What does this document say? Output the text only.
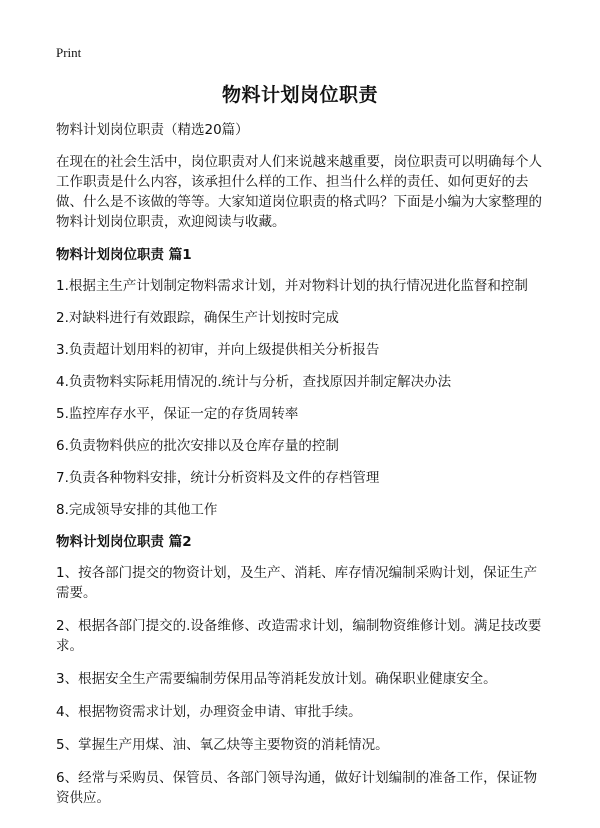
Print
物料计划岗位职责

物料计划岗位职责（精选20篇）

在现在的社会生活中，岗位职责对人们来说越来越重要，岗位职责可以明确每个人工作职责是什么内容，该承担什么样的工作、担当什么样的责任、如何更好的去做、什么是不该做的等等。大家知道岗位职责的格式吗？下面是小编为大家整理的物料计划岗位职责，欢迎阅读与收藏。

物料计划岗位职责 篇1

1.根据主生产计划制定物料需求计划，并对物料计划的执行情况进化监督和控制

2.对缺料进行有效跟踪，确保生产计划按时完成

3.负责超计划用料的初审，并向上级提供相关分析报告

4.负责物料实际耗用情况的.统计与分析，查找原因并制定解决办法

5.监控库存水平，保证一定的存货周转率

6.负责物料供应的批次安排以及仓库存量的控制

7.负责各种物料安排，统计分析资料及文件的存档管理

8.完成领导安排的其他工作

物料计划岗位职责 篇2

1、按各部门提交的物资计划，及生产、消耗、库存情况编制采购计划，保证生产需要。

2、根据各部门提交的.设备维修、改造需求计划，编制物资维修计划。满足技改要求。

3、根据安全生产需要编制劳保用品等消耗发放计划。确保职业健康安全。

4、根据物资需求计划，办理资金申请、审批手续。

5、掌握生产用煤、油、氧乙炔等主要物资的消耗情况。

6、经常与采购员、保管员、各部门领导沟通，做好计划编制的准备工作，保证物资供应。
